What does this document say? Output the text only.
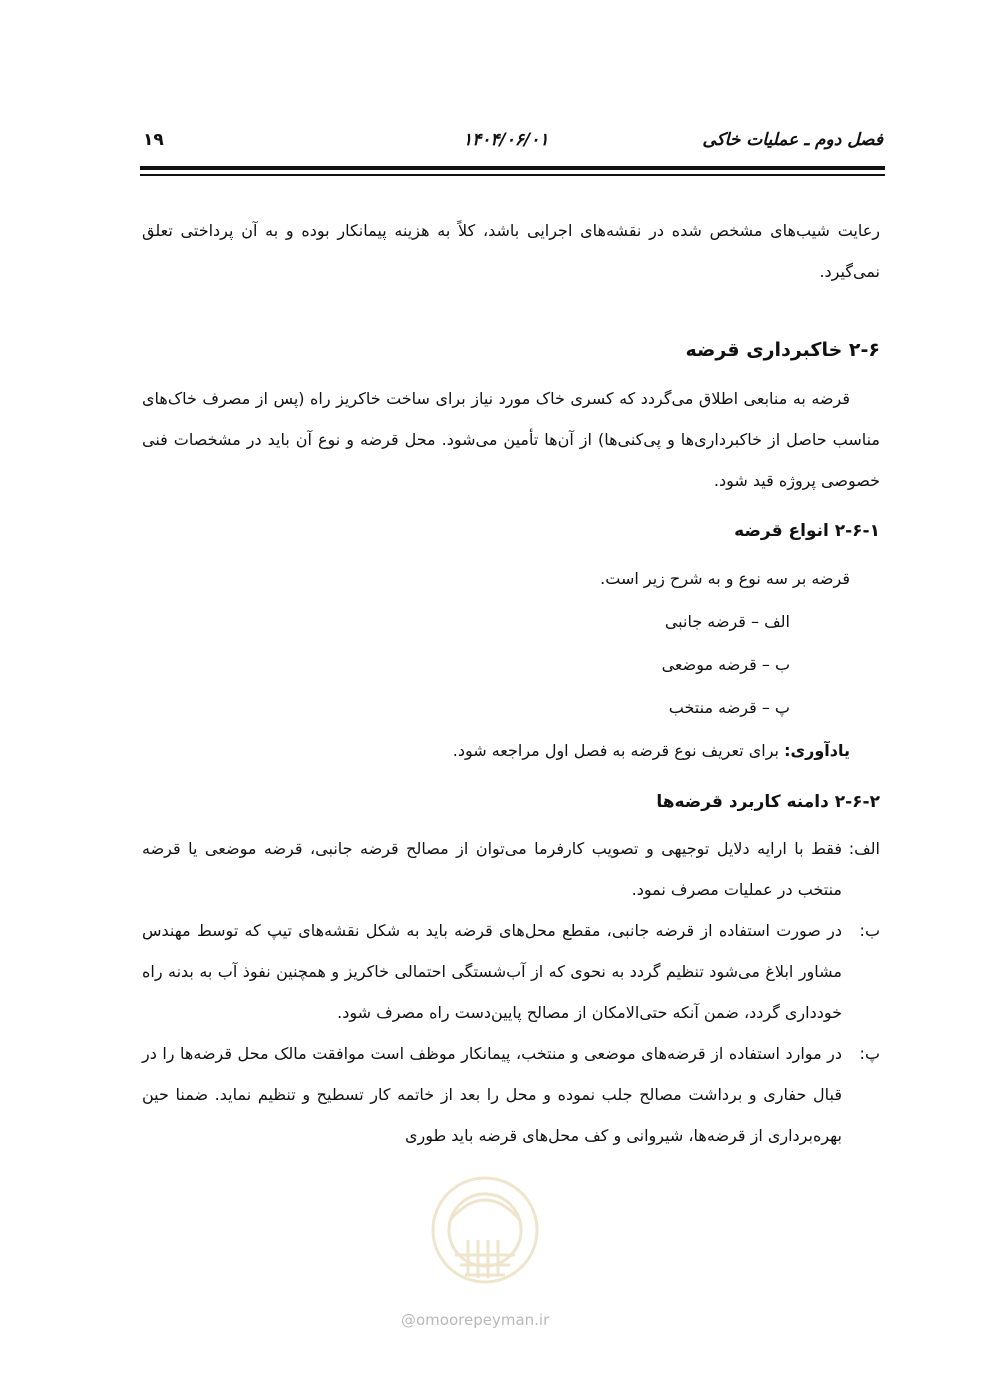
فصل دوم ـ عملیات خاکی
۱۴۰۴/۰۶/۰۱
۱۹

رعایت شیب‌های مشخص شده در نقشه‌های اجرایی باشد، کلاً به هزینه پیمانکار بوده و به آن پرداختی تعلق نمی‌گیرد.

۲-۶ خاکبرداری قرضه

قرضه به منابعی اطلاق می‌گردد که کسری خاک مورد نیاز برای ساخت خاکریز راه (پس از مصرف خاک‌های مناسب حاصل از خاکبرداری‌ها و پی‌کنی‌ها) از آن‌ها تأمین می‌شود. محل قرضه و نوع آن باید در مشخصات فنی خصوصی پروژه قید شود.

۲-۶-۱ انواع قرضه
قرضه بر سه نوع و به شرح زیر است.
الف – قرضه جانبی
ب – قرضه موضعی
پ – قرضه منتخب
یادآوری: برای تعریف نوع قرضه به فصل اول مراجعه شود.
۲-۶-۲ دامنه کاربرد قرضه‌ها
الف:
فقط با ارایه دلایل توجیهی و تصویب کارفرما می‌توان از مصالح قرضه جانبی، قرضه موضعی یا قرضه منتخب در عملیات مصرف نمود.
ب:
در صورت استفاده از قرضه جانبی، مقطع محل‌های قرضه باید به شکل نقشه‌های تیپ که توسط مهندس مشاور ابلاغ می‌شود تنظیم گردد به نحوی که از آب‌شستگی احتمالی خاکریز و همچنین نفوذ آب به بدنه راه خودداری گردد، ضمن آنکه حتی‌الامکان از مصالح پایین‌دست راه مصرف شود.
پ:
در موارد استفاده از قرضه‌های موضعی و منتخب، پیمانکار موظف است موافقت مالک محل قرضه‌ها را در قبال حفاری و برداشت مصالح جلب نموده و محل را بعد از خاتمه کار تسطیح و تنظیم نماید. ضمنا حین بهره‌برداری از قرضه‌ها، شیروانی و کف محل‌های قرضه باید طوری
@omoorepeyman.ir
